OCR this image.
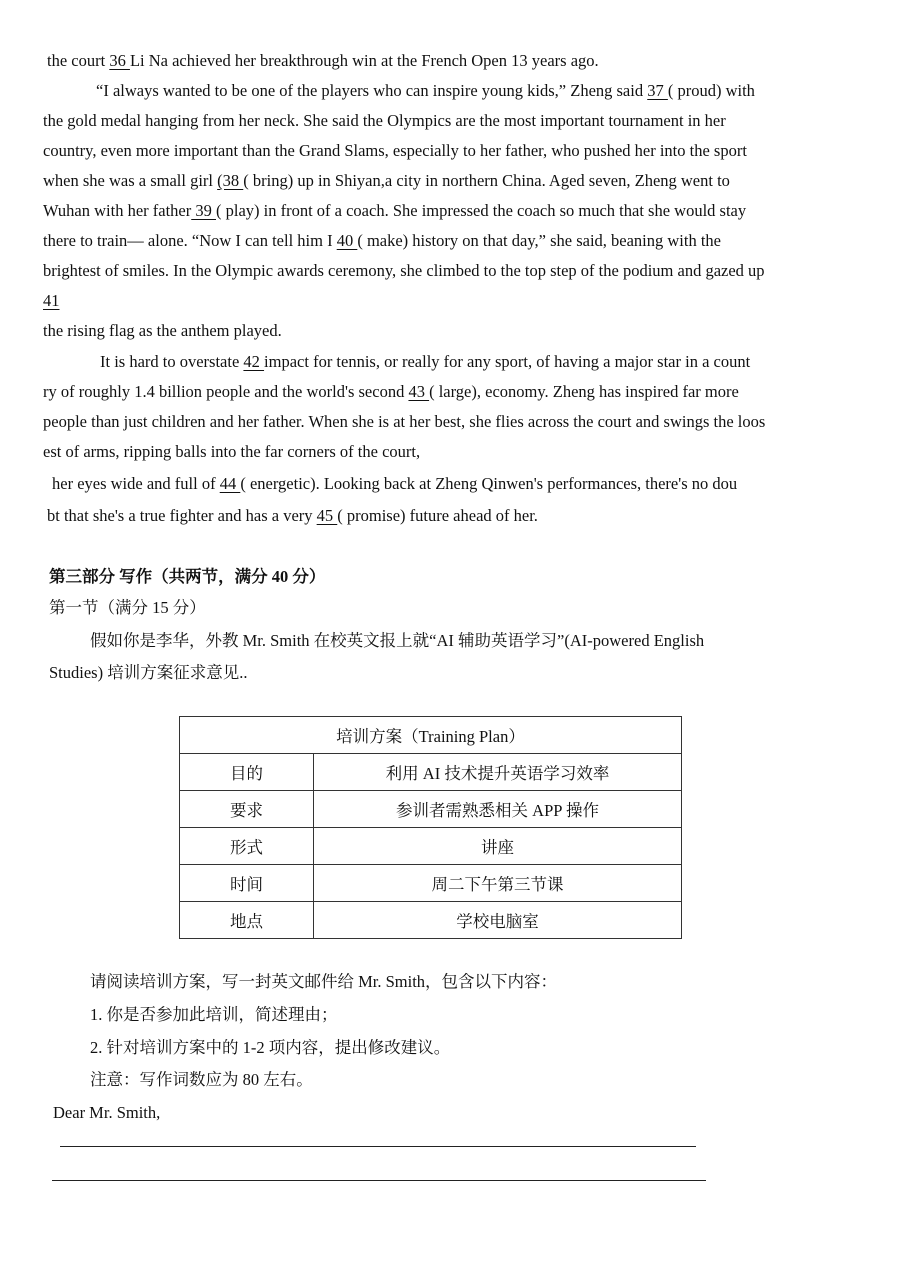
the court 36 Li Na achieved her breakthrough win at the French Open 13 years ago.
“I always wanted to be one of the players who can inspire young kids,” Zheng said 37 ( proud) with
the gold medal hanging from her neck. She said the Olympics are the most important tournament in her
country, even more important than the Grand Slams, especially to her father, who pushed her into the sport
when she was a small girl (38 ( bring) up in Shiyan,a city in northern China. Aged seven, Zheng went to
Wuhan with her father 39 ( play) in front of a coach. She impressed the coach so much that she would stay
there to train— alone. “Now I can tell him I 40 ( make) history on that day,” she said, beaning with the
brightest of smiles. In the Olympic awards ceremony, she climbed to the top step of the podium and gazed up
41
the rising flag as the anthem played.
It is hard to overstate 42 impact for tennis, or really for any sport, of having a major star in a count
ry of roughly 1.4 billion people and the world's second 43 ( large), economy. Zheng has inspired far more
people than just children and her father. When she is at her best, she flies across the court and swings the loos
est of arms, ripping balls into the far corners of the court,
her eyes wide and full of 44 ( energetic). Looking back at Zheng Qinwen's performances, there's no dou
bt that she's a true fighter and has a very 45 ( promise) future ahead of her.
第三部分 写作（共两节，满分 40 分）
第一节（满分 15 分）
假如你是李华，外教 Mr. Smith 在校英文报上就“AI 辅助英语学习”(AI-powered English
Studies) 培训方案征求意见..
培训方案（Training Plan）	
目的	利用 AI 技术提升英语学习效率
要求	参训者需熟悉相关 APP 操作
形式	讲座
时间	周二下午第三节课
地点	学校电脑室
请阅读培训方案，写一封英文邮件给 Mr. Smith，包含以下内容：
1. 你是否参加此培训，简述理由；
2. 针对培训方案中的 1-2 项内容，提出修改建议。
注意：写作词数应为 80 左右。
Dear Mr. Smith,
